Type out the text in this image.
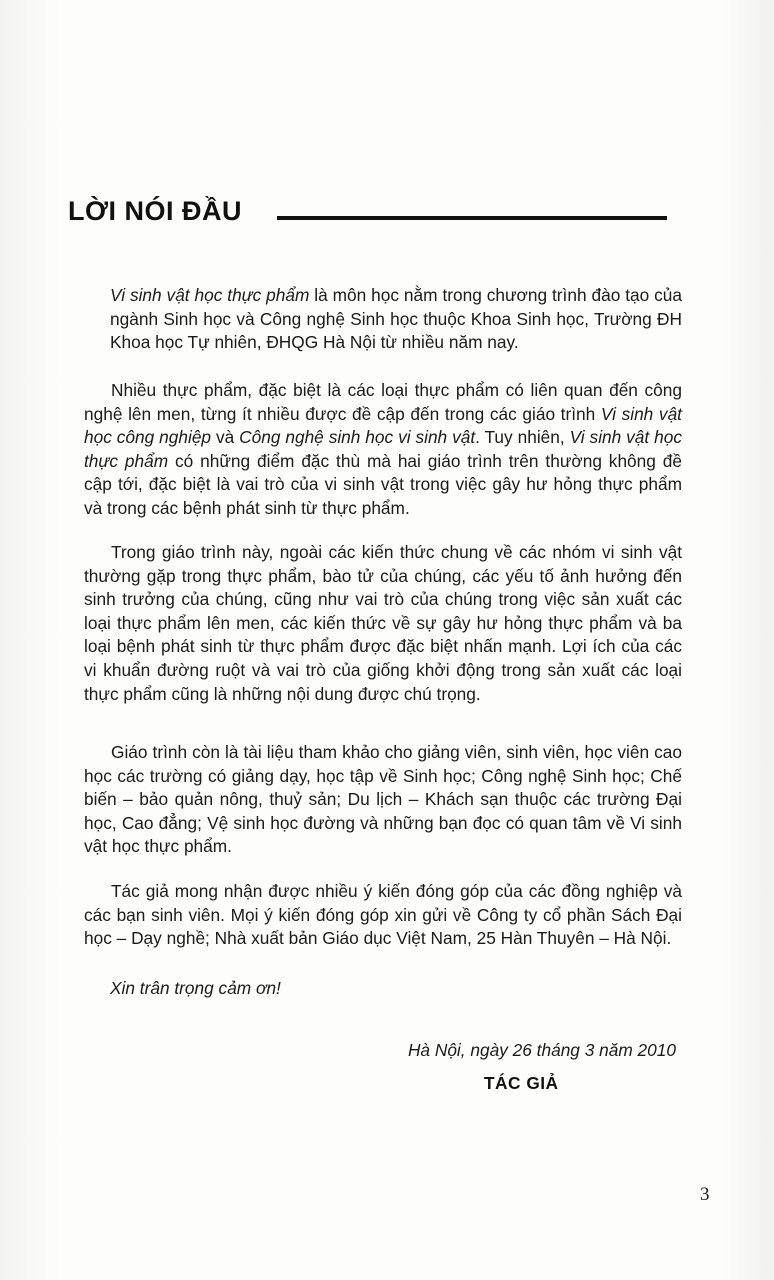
LỜI NÓI ĐẦU
Vi sinh vật học thực phẩm là môn học nằm trong chương trình đào tạo của ngành Sinh học và Công nghệ Sinh học thuộc Khoa Sinh học, Trường ĐH Khoa học Tự nhiên, ĐHQG Hà Nội từ nhiều năm nay.
Nhiều thực phẩm, đặc biệt là các loại thực phẩm có liên quan đến công nghệ lên men, từng ít nhiều được đề cập đến trong các giáo trình Vi sinh vật học công nghiệp và Công nghệ sinh học vi sinh vật. Tuy nhiên, Vi sinh vật học thực phẩm có những điểm đặc thù mà hai giáo trình trên thường không đề cập tới, đặc biệt là vai trò của vi sinh vật trong việc gây hư hỏng thực phẩm và trong các bệnh phát sinh từ thực phẩm.
Trong giáo trình này, ngoài các kiến thức chung về các nhóm vi sinh vật thường gặp trong thực phẩm, bào tử của chúng, các yếu tố ảnh hưởng đến sinh trưởng của chúng, cũng như vai trò của chúng trong việc sản xuất các loại thực phẩm lên men, các kiến thức về sự gây hư hỏng thực phẩm và ba loại bệnh phát sinh từ thực phẩm được đặc biệt nhấn mạnh. Lợi ích của các vi khuẩn đường ruột và vai trò của giống khởi động trong sản xuất các loại thực phẩm cũng là những nội dung được chú trọng.
Giáo trình còn là tài liệu tham khảo cho giảng viên, sinh viên, học viên cao học các trường có giảng dạy, học tập về Sinh học; Công nghệ Sinh học; Chế biến – bảo quản nông, thuỷ sản; Du lịch – Khách sạn thuộc các trường Đại học, Cao đẳng; Vệ sinh học đường và những bạn đọc có quan tâm về Vi sinh vật học thực phẩm.
Tác giả mong nhận được nhiều ý kiến đóng góp của các đồng nghiệp và các bạn sinh viên. Mọi ý kiến đóng góp xin gửi về Công ty cổ phần Sách Đại học – Dạy nghề; Nhà xuất bản Giáo dục Việt Nam, 25 Hàn Thuyên – Hà Nội.
Xin trân trọng cảm ơn!
Hà Nội, ngày 26 tháng 3 năm 2010
TÁC GIẢ
3
